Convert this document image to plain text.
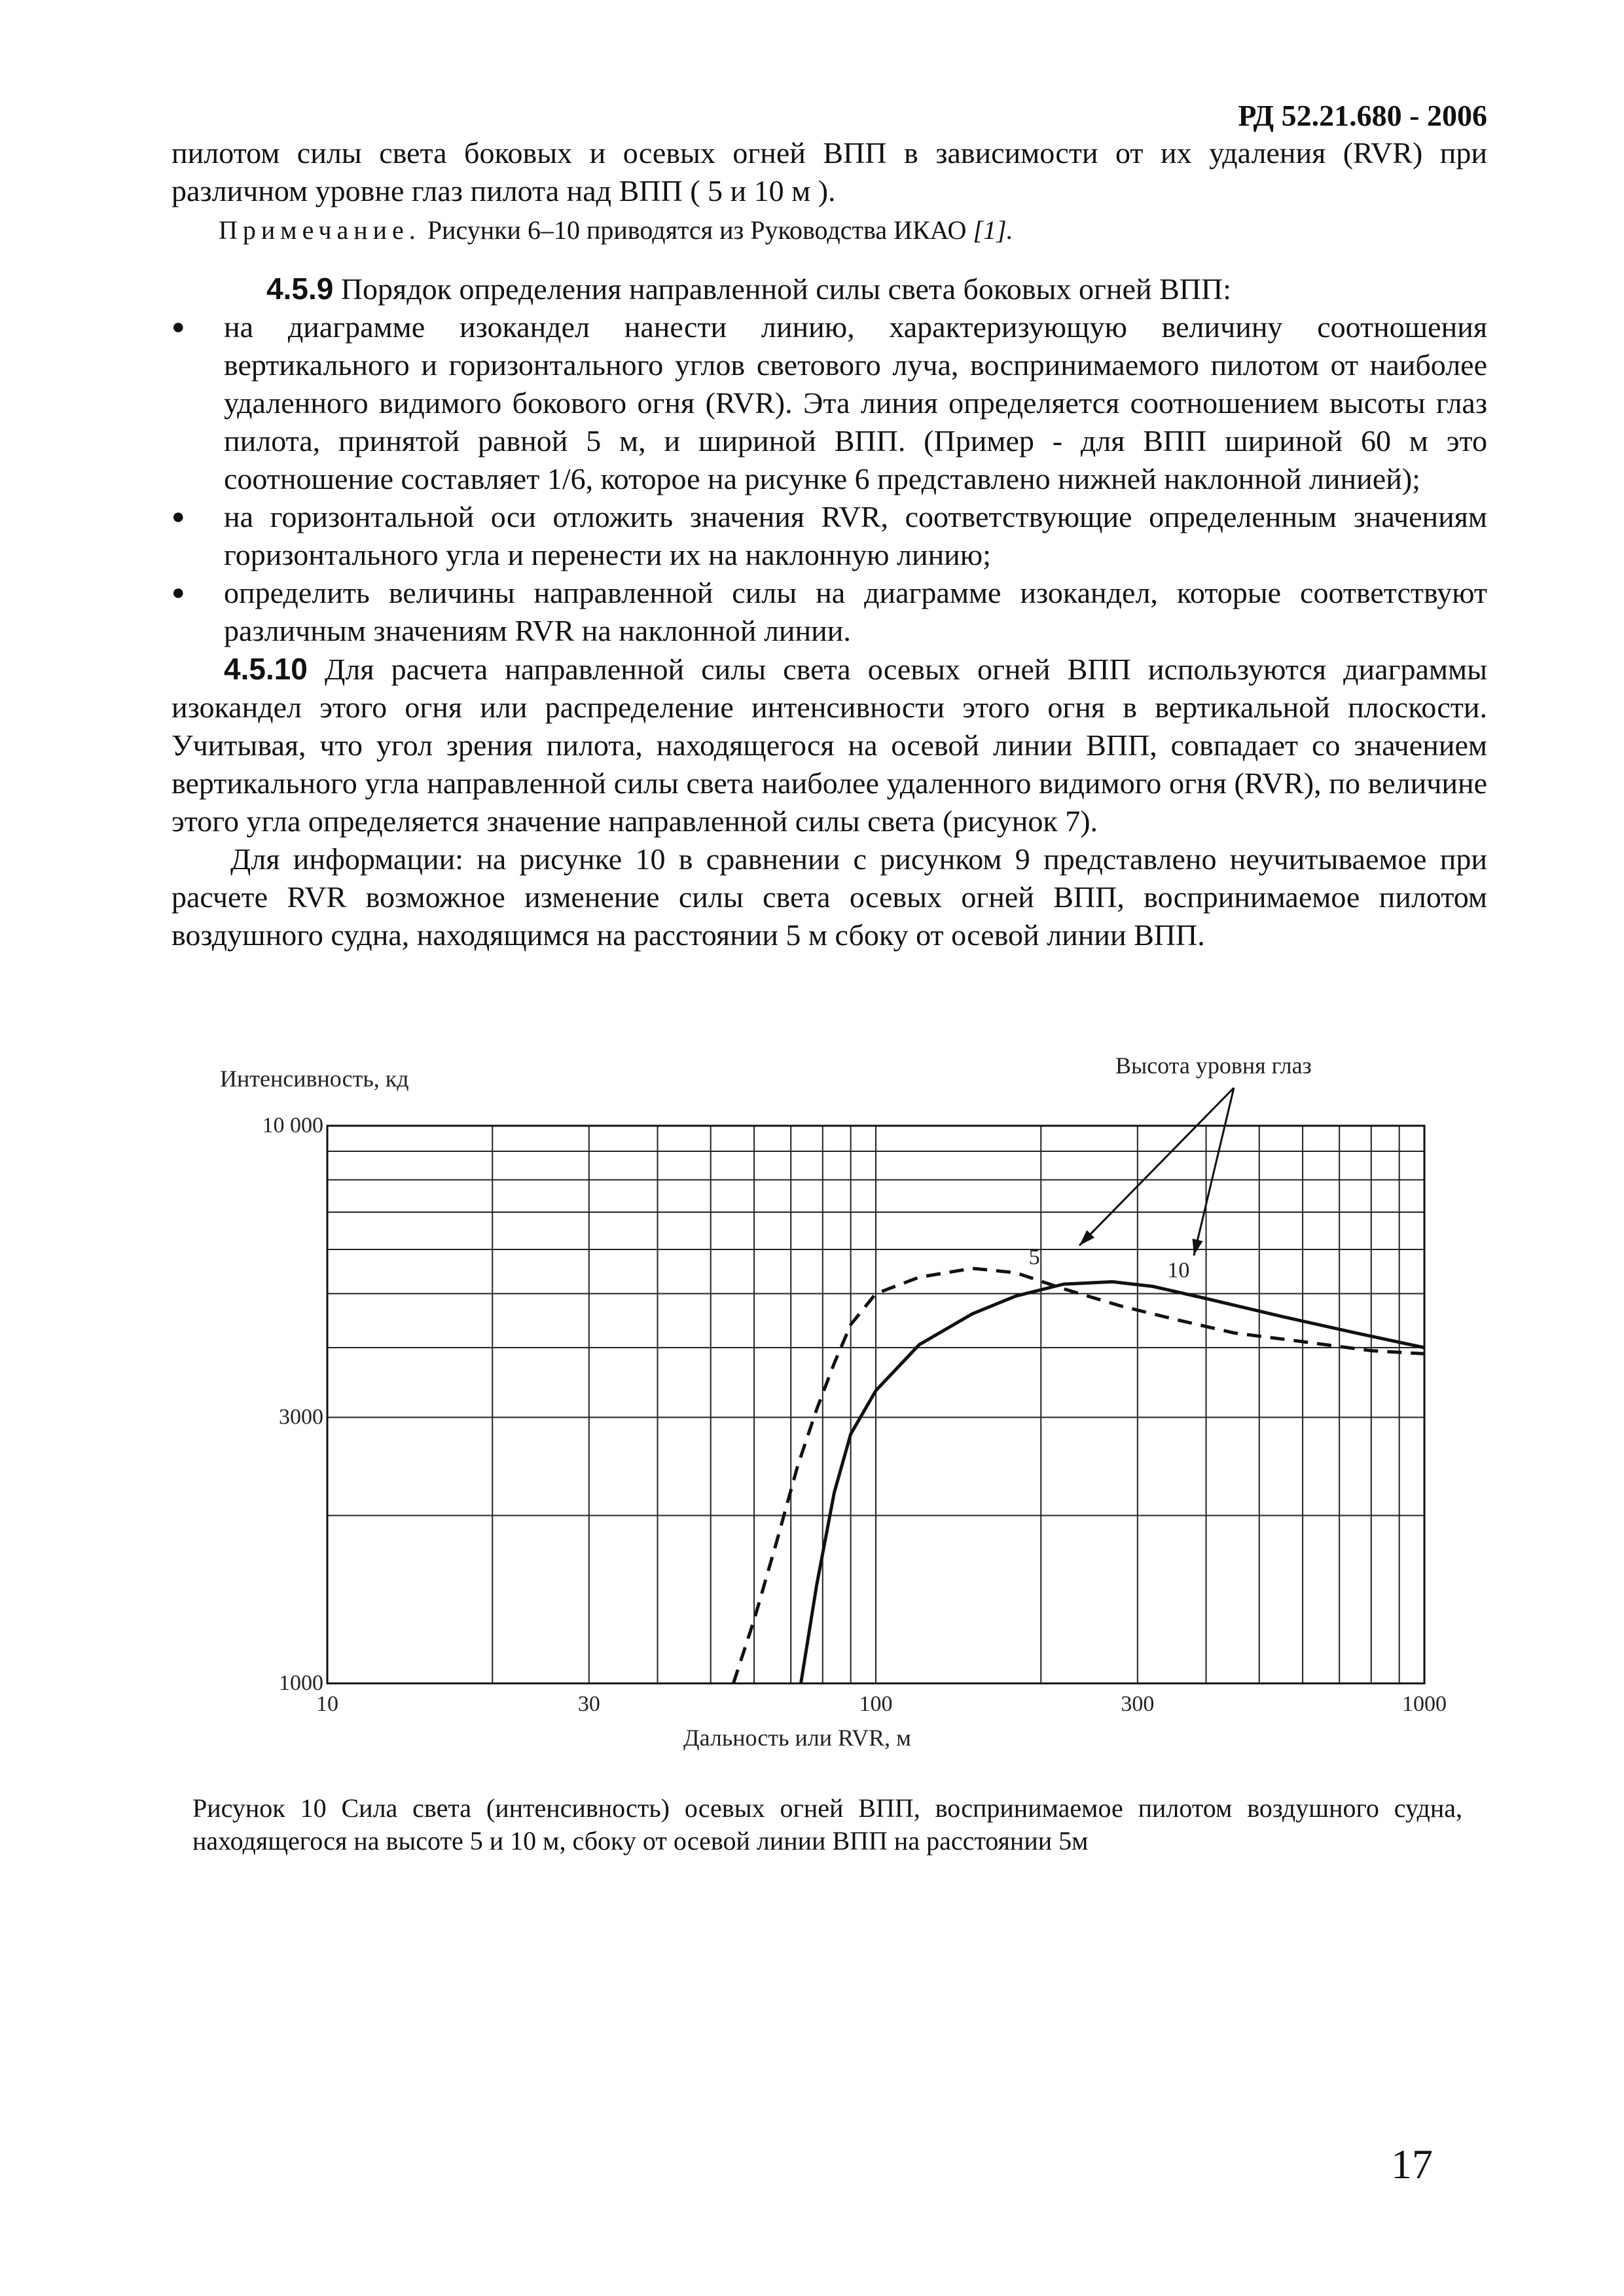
РД 52.21.680 - 2006

пилотом силы света боковых и осевых огней ВПП в зависимости от их удаления (RVR) при различном уровне глаз пилота над ВПП ( 5 и 10 м ).

Примечание. Рисунки 6–10 приводятся из Руководства ИКАО [1].

4.5.9 Порядок определения направленной силы света боковых огней ВПП:

●	на диаграмме изокандел нанести линию, характеризующую величину соотношения вертикального и горизонтального углов светового луча, воспринимаемого пилотом от наиболее удаленного видимого бокового огня (RVR). Эта линия определяется соотношением высоты глаз пилота, принятой равной 5 м, и шириной ВПП. (Пример - для ВПП шириной 60 м это соотношение составляет 1/6, которое на рисунке 6 представлено нижней наклонной линией);
●	на горизонтальной оси отложить значения RVR, соответствующие определенным значениям горизонтального угла и перенести их на наклонную линию;
●	определить величины направленной силы на диаграмме изокандел, которые соответствуют различным значениям RVR на наклонной линии.

4.5.10 Для расчета направленной силы света осевых огней ВПП используются диаграммы изокандел этого огня или распределение интенсивности этого огня в вертикальной плоскости. Учитывая, что угол зрения пилота, находящегося на осевой линии ВПП, совпадает со значением вертикального угла направленной силы света наиболее удаленного видимого огня (RVR), по величине этого угла определяется значение направленной силы света (рисунок 7).

Для информации: на рисунке 10 в сравнении с рисунком 9 представлено неучитываемое при расчете RVR возможное изменение силы света осевых огней ВПП, воспринимаемое пилотом воздушного судна, находящимся на расстоянии 5 м сбоку от осевой линии ВПП.

10	30	100	300	1000
1000
3000
10 000
Интенсивность, кд
Дальность или RVR, м
5
10
Высота уровня глаз
Рисунок 10 Сила света (интенсивность) осевых огней ВПП, воспринимаемое пилотом воздушного судна, находящегося на высоте 5 и 10 м, сбоку от осевой линии ВПП на расстоянии 5м
17
